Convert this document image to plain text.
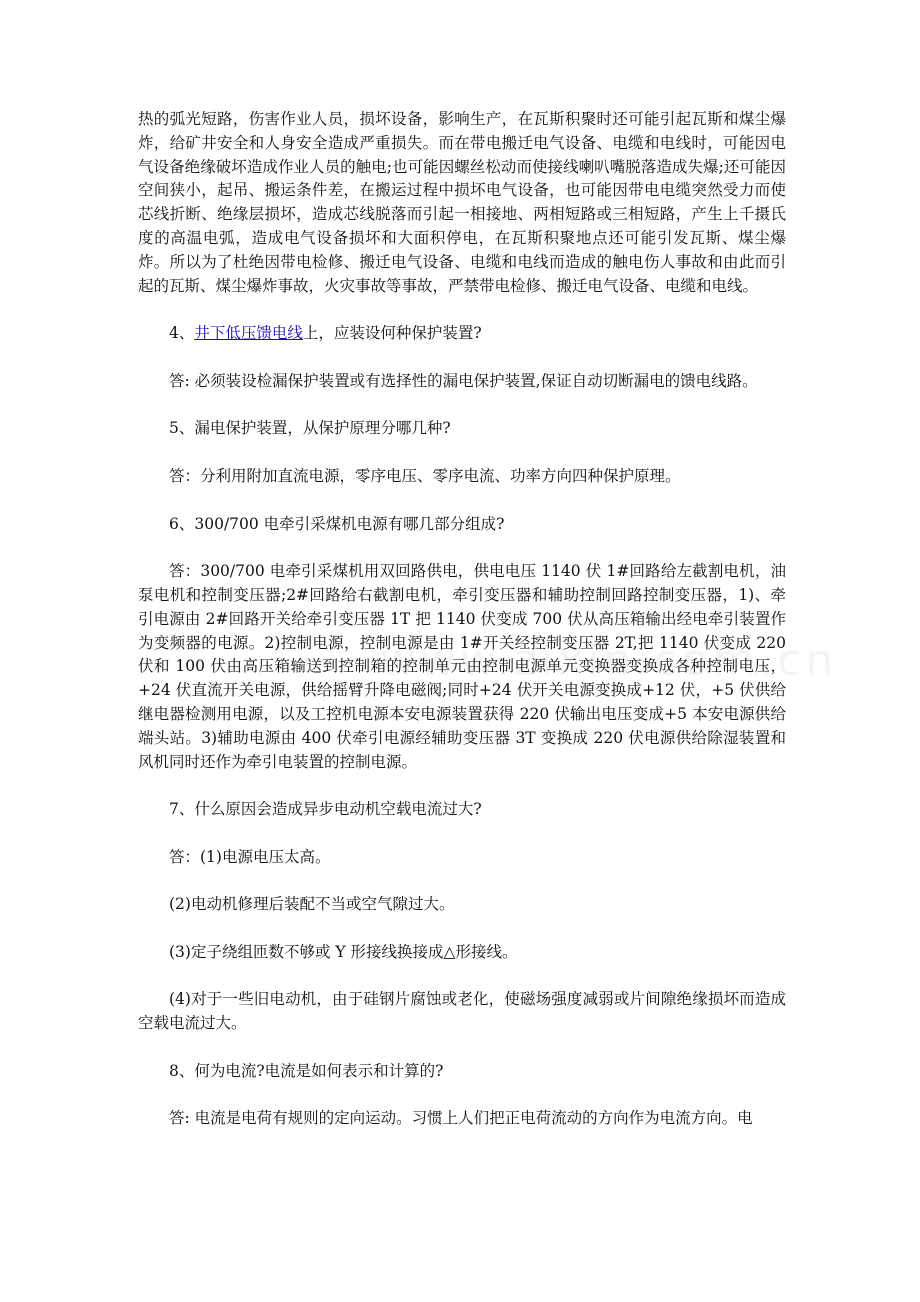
热的弧光短路，伤害作业人员，损坏设备，影响生产，在瓦斯积聚时还可能引起瓦斯和煤尘爆炸，给矿井安全和人身安全造成严重损失。而在带电搬迁电气设备、电缆和电线时，可能因电气设备绝缘破坏造成作业人员的触电;也可能因螺丝松动而使接线喇叭嘴脱落造成失爆;还可能因空间狭小，起吊、搬运条件差，在搬运过程中损坏电气设备，也可能因带电电缆突然受力而使芯线折断、绝缘层损坏，造成芯线脱落而引起一相接地、两相短路或三相短路，产生上千摄氏度的高温电弧，造成电气设备损坏和大面积停电，在瓦斯积聚地点还可能引发瓦斯、煤尘爆炸。所以为了杜绝因带电检修、搬迁电气设备、电缆和电线而造成的触电伤人事故和由此而引起的瓦斯、煤尘爆炸事故，火灾事故等事故，严禁带电检修、搬迁电气设备、电缆和电线。

4、井下低压馈电线上，应装设何种保护装置?

答: 必须装设检漏保护装置或有选择性的漏电保护装置,保证自动切断漏电的馈电线路。

5、漏电保护装置，从保护原理分哪几种?

答：分利用附加直流电源，零序电压、零序电流、功率方向四种保护原理。

6、300/700 电牵引采煤机电源有哪几部分组成?

答：300/700 电牵引采煤机用双回路供电，供电电压 1140 伏 1#回路给左截割电机，油泵电机和控制变压器;2#回路给右截割电机，牵引变压器和辅助控制回路控制变压器，1)、牵引电源由 2#回路开关给牵引变压器 1T 把 1140 伏变成 700 伏从高压箱输出经电牵引装置作为变频器的电源。2)控制电源，控制电源是由 1#开关经控制变压器 2T,把 1140 伏变成 220 伏和 100 伏由高压箱输送到控制箱的控制单元由控制电源单元变换器变换成各种控制电压，+24 伏直流开关电源，供给摇臂升降电磁阀;同时+24 伏开关电源变换成+12 伏，+5 伏供给继电器检测用电源，以及工控机电源本安电源装置获得 220 伏输出电压变成+5 本安电源供给端头站。3)辅助电源由 400 伏牵引电源经辅助变压器 3T 变换成 220 伏电源供给除湿装置和风机同时还作为牵引电装置的控制电源。

7、什么原因会造成异步电动机空载电流过大?

答：(1)电源电压太高。

(2)电动机修理后装配不当或空气隙过大。

(3)定子绕组匝数不够或 Y 形接线换接成△形接线。

(4)对于一些旧电动机，由于硅钢片腐蚀或老化，使磁场强度减弱或片间隙绝缘损坏而造成空载电流过大。

8、何为电流?电流是如何表示和计算的?

答: 电流是电荷有规则的定向运动。习惯上人们把正电荷流动的方向作为电流方向。电
